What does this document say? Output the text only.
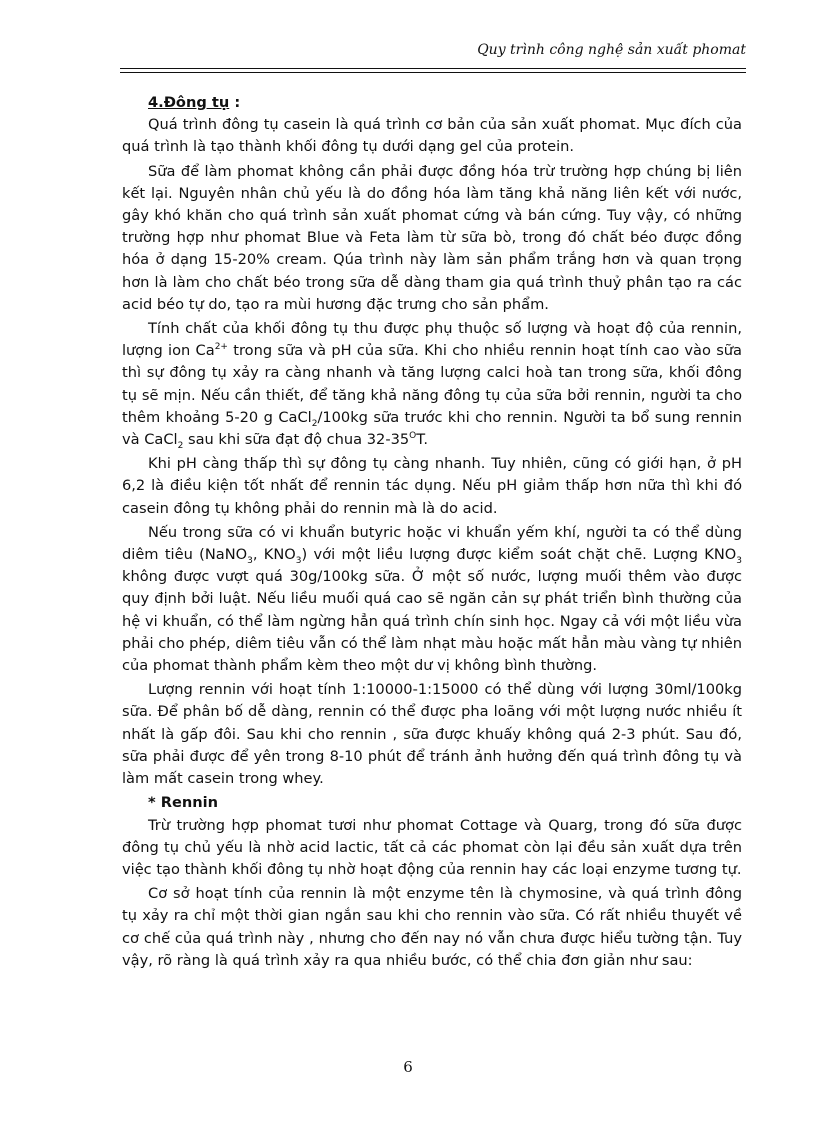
Quy trình công nghệ sản xuất phomat
4.Đông tụ :

Quá trình đông tụ casein là quá trình cơ bản của sản xuất phomat. Mục đích của quá trình là tạo thành khối đông tụ dưới dạng gel của protein.

Sữa để làm phomat không cần phải được đồng hóa trừ trường hợp chúng bị liên kết lại. Nguyên nhân chủ yếu là do đồng hóa làm tăng khả năng liên kết với nước, gây khó khăn cho quá trình sản xuất phomat cứng và bán cứng. Tuy vậy, có những trường hợp như phomat Blue và Feta làm từ sữa bò, trong đó chất béo được đồng hóa ở dạng 15-20% cream. Qúa trình này làm sản phẩm trắng hơn và quan trọng hơn là làm cho chất béo trong sữa dễ dàng tham gia quá trình thuỷ phân tạo ra các acid béo tự do, tạo ra mùi hương đặc trưng cho sản phẩm.

Tính chất của khối đông tụ thu được phụ thuộc số lượng và hoạt độ của rennin, lượng ion $Ca^{2+}$ trong sữa và pH của sữa. Khi cho nhiều rennin hoạt tính cao vào sữa thì sự đông tụ xảy ra càng nhanh và tăng lượng calci hoà tan trong sữa, khối đông tụ sẽ mịn. Nếu cần thiết, để tăng khả năng đông tụ của sữa bởi rennin, người ta cho thêm khoảng 5-20 g CaCl$_2$/100kg sữa trước khi cho rennin. Người ta bổ sung rennin và CaCl$_2$ sau khi sữa đạt độ chua $32-35^OT$.

Khi pH càng thấp thì sự đông tụ càng nhanh. Tuy nhiên, cũng có giới hạn, ở pH 6,2 là điều kiện tốt nhất để rennin tác dụng. Nếu pH giảm thấp hơn nữa thì khi đó casein đông tụ không phải do rennin mà là do acid.

Nếu trong sữa có vi khuẩn butyric hoặc vi khuẩn yếm khí, người ta có thể dùng diêm tiêu (NaNO$_3$, $KNO_3$) với một liều lượng được kiểm soát chặt chẽ. Lượng $KNO_3$ không được vượt quá 30g/100kg sữa. Ở một số nước, lượng muối thêm vào được quy định bởi luật. Nếu liều muối quá cao sẽ ngăn cản sự phát triển bình thường của hệ vi khuẩn, có thể làm ngừng hẳn quá trình chín sinh học. Ngay cả với một liều vừa phải cho phép, diêm tiêu vẫn có thể làm nhạt màu hoặc mất hẳn màu vàng tự nhiên của phomat thành phẩm kèm theo một dư vị không bình thường.

Lượng rennin với hoạt tính 1:10000-1:15000 có thể dùng với lượng 30ml/100kg sữa. Để phân bố dễ dàng, rennin có thể được pha loãng với một lượng nước nhiều ít nhất là gấp đôi. Sau khi cho rennin , sữa được khuấy không quá 2-3 phút. Sau đó, sữa phải được để yên trong 8-10 phút để tránh ảnh hưởng đến quá trình đông tụ và làm mất casein trong whey.

* Rennin

Trừ trường hợp phomat tươi như phomat Cottage và Quarg, trong đó sữa được đông tụ chủ yếu là nhờ acid lactic, tất cả các phomat còn lại đều sản xuất dựa trên việc tạo thành khối đông tụ nhờ hoạt động của rennin hay các loại enzyme tương tự.

Cơ sở hoạt tính của rennin là một enzyme tên là chymosine, và quá trình đông tụ xảy ra chỉ một thời gian ngắn sau khi cho rennin vào sữa. Có rất nhiều thuyết về cơ chế của quá trình này , nhưng cho đến nay nó vẫn chưa được hiểu tường tận. Tuy vậy, rõ ràng là quá trình xảy ra qua nhiều bước, có thể chia đơn giản như sau:

6
